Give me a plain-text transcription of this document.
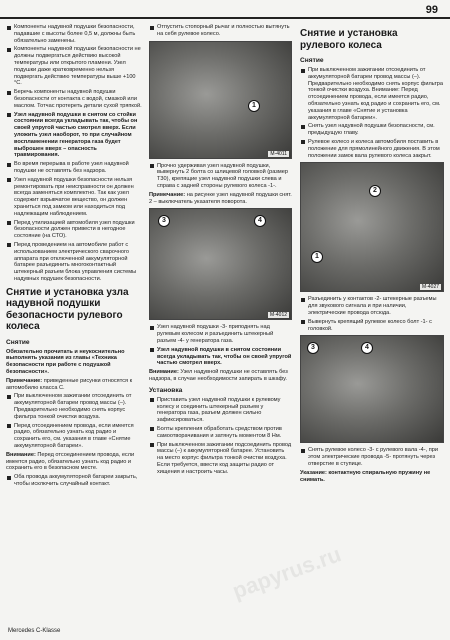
99
Компоненты надувной подушки безопасности, падавшие с высоты более 0,5 м, должны быть обязательно заменены.
Компоненты надувной подушки безопасности не должны подвергаться действию высокой температуры или открытого пламени. Узел подушки даже кратковременно нельзя подвергать действию температуры выше +100 °С.
Беречь компоненты надувной подушки безопасности от контакта с водой, смазкой или маслом. Тотчас протереть детали сухой тряпкой.
Узел надувной подушки в снятом со стойки состоянии всегда укладывать так, чтобы он своей упругой частью смотрел вверх. Если уложить узел наоборот, то при случайном воспламенении генератора газа будет выброшен вверх – опасность травмирования.
Во время перерыва в работе узел надувной подушки не оставлять без надзора.
Узел надувной подушки безопасности нельзя ремонтировать при неисправности он должен всегда заменяться комплектно. Так как узел содержит взрывчатое вещество, он должен храниться под замком или находиться под надлежащим наблюдением.
Перед утилизацией автомобиля узел подушки безопасности должен привести в негодное состояние (на СТО).
Перед проведением на автомобиле работ с использованием электрического сварочного аппарата при отключенной аккумуляторной батарее разъединить многоконтактный штекерный разъем блока управления системы надувных подушек безопасности.
Снятие и установка узла надувной подушки безопасности рулевого колеса
Снятие
Обязательно прочитать и неукоснительно выполнять указания из главы «Техника безопасности при работе с подушкой безопасности».
Примечание: приведенные рисунки относятся к автомобилю класса С.
При выключенном зажигании отсоединить от аккумуляторной батареи провод массы (–). Предварительно необходимо снять корпус фильтра тонкой очистки воздуха.
Перед отсоединением провода, если имеется радио, обязательно узнать код радио и сохранить его, см. указания в главе «Снятие аккумуляторной батареи».
Внимание: Перед отсоединением провода, если имеется радио, обязательно узнать код радио и сохранить его в безопасном месте.
Оба провода аккумуляторной батареи закрыть, чтобы исключить случайный контакт.
Отпустить стопорный рычаг и полностью вытянуть на себя рулевое колесо.
1
M-4011
Прочно удерживая узел надувной подушки, вывернуть 2 болта со шлицевой головкой (размер Т30), крепящие узел надувной подушки слева и справа с задней стороны рулевого колеса -1-.
Примечание: на рисунке узел надувной подушки снят. 2 – выключатель указателя поворота.
3	4
M-4012
Узел надувной подушки -3- приподнять над рулевым колесом и разъединить штекерный разъем -4- у генератора газа.
Узел надувной подушки в снятом состоянии всегда укладывать так, чтобы он своей упругой частью смотрел вверх.
Внимание: Узел надувной подушки не оставлять без надзора, в случае необходимости запирать в шкафу.
Установка
Приставить узел надувной подушки к рулевому колесу и соединить штекерный разъем у генератора газа, разъем должен сильно зафиксироваться.
Болты крепления обработать средством против самоотворачивания и затянуть моментом 8 Нм.
При выключенном зажигании подсоединить провод массы (–) к аккумуляторной батарее. Установить на место корпус фильтра тонкой очистки воздуха. Если требуется, ввести код защиты радио от хищения и настроить часы.
Снятие и установка рулевого колеса
Снятие
При выключенном зажигании отсоединить от аккумуляторной батареи провод массы (–). Предварительно необходимо снять корпус фильтра тонкой очистки воздуха. Внимание: Перед отсоединением провода, если имеется радио, обязательно узнать код радио и сохранить его, см. указания в главе «Снятие и установка аккумуляторной батареи».
Снять узел надувной подушки безопасности, см. предыдущую главу.
Рулевое колесо и колеса автомобиля поставить в положение для прямолинейного движения. В этом положении замок вала рулевого колеса закрыт.
2
1
M-4027
Разъединить у контактов -2- штекерные разъемы для звукового сигнала и при наличии, электрические провода отсюда.
Вывернуть крепящий рулевое колесо болт -1- с головкой.
3	4
Снять рулевое колесо -3- с рулевого вала -4-, при этом электрические провода -5- протянуть через отверстие в ступице.
Указание: контактную спиральную пружину не снимать.
papyrus.ru
Mercedes С-Klasse
